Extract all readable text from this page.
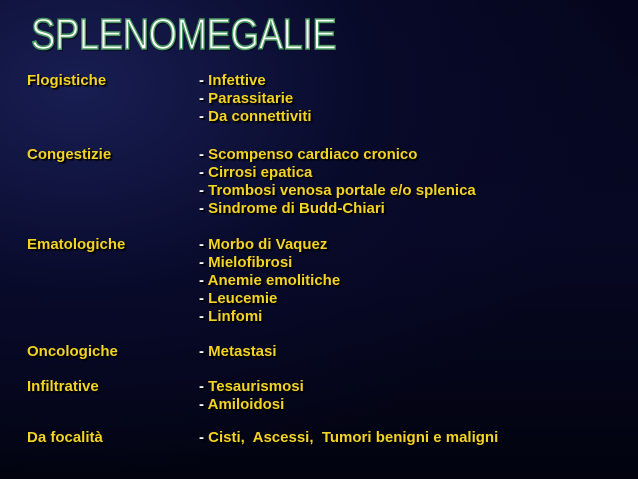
SPLENOMEGALIE

Flogistiche	- Infettive
- Parassitarie
- Da connettiviti

Congestizie	- Scompenso cardiaco cronico
- Cirrosi epatica
- Trombosi venosa portale e/o splenica
- Sindrome di Budd-Chiari

Ematologiche	- Morbo di Vaquez
- Mielofibrosi
- Anemie emolitiche
- Leucemie
- Linfomi

Oncologiche	- Metastasi

Infiltrative	- Tesaurismosi
- Amiloidosi

Da focalità	- Cisti,  Ascessi,  Tumori benigni e maligni
